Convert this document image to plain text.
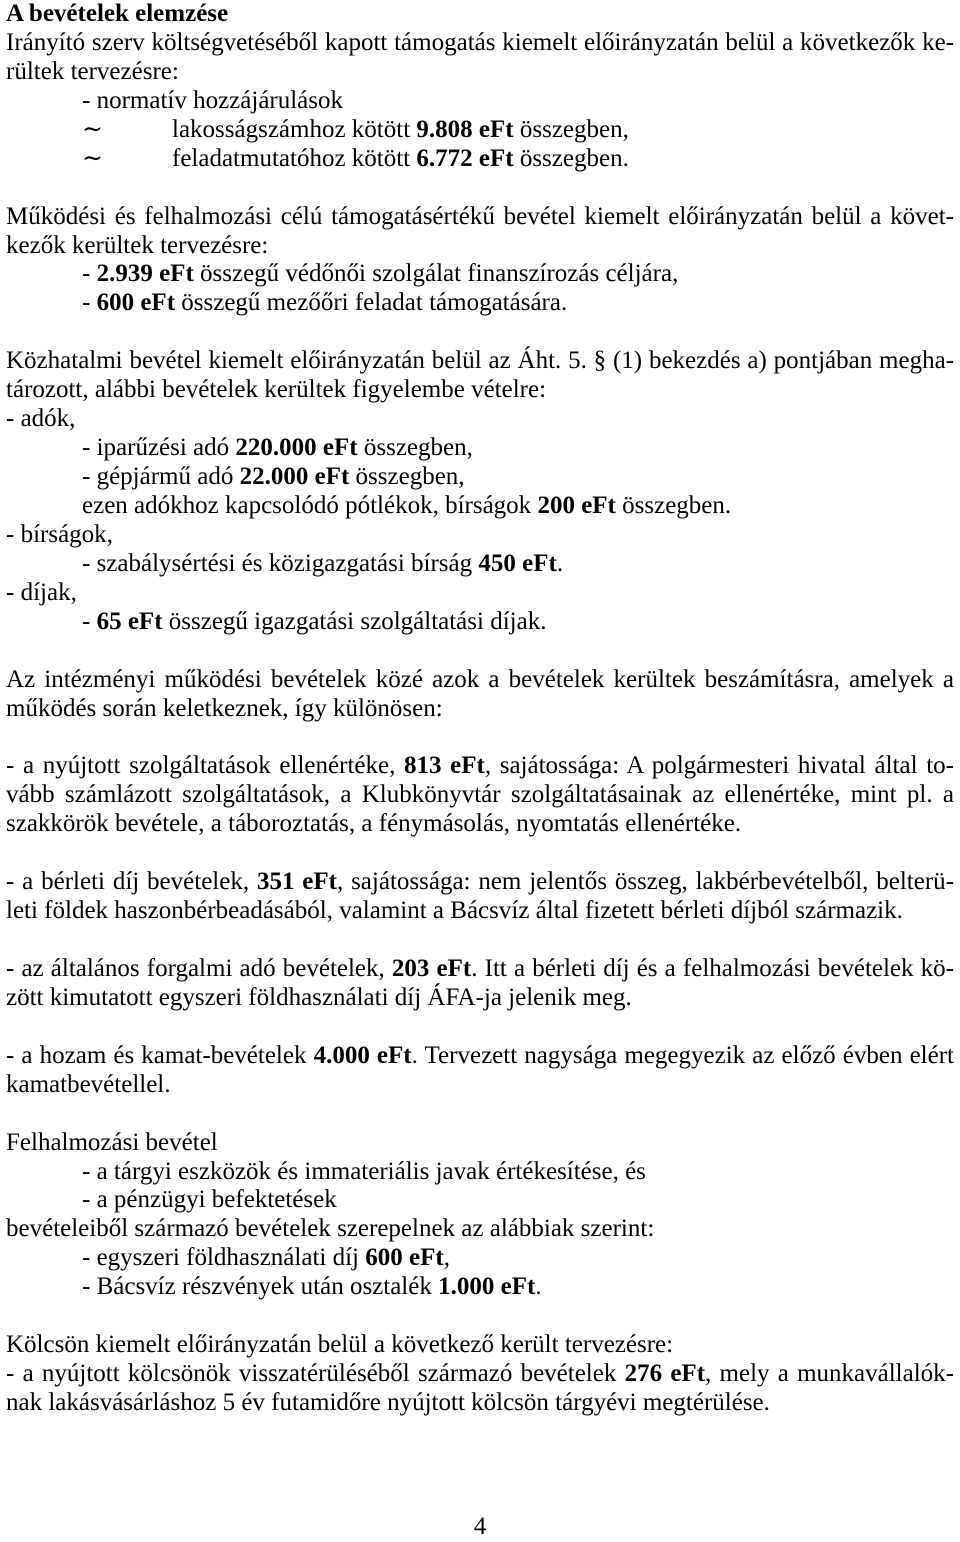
A bevételek elemzése
Irányító szerv költségvetéséből kapott támogatás kiemelt előirányzatán belül a következők ke-
rültek tervezésre:
- normatív hozzájárulások
∼	lakosságszámhoz kötött 9.808 eFt összegben,
∼	feladatmutatóhoz kötött 6.772 eFt összegben.
Működési és felhalmozási célú támogatásértékű bevétel kiemelt előirányzatán belül a követ-
kezők kerültek tervezésre:
- 2.939 eFt összegű védőnői szolgálat finanszírozás céljára,
- 600 eFt összegű mezőőri feladat támogatására.
Közhatalmi bevétel kiemelt előirányzatán belül az Áht. 5. § (1) bekezdés a) pontjában megha-
tározott, alábbi bevételek kerültek figyelembe vételre:
- adók,
- iparűzési adó 220.000 eFt összegben,
- gépjármű adó 22.000 eFt összegben,
ezen adókhoz kapcsolódó pótlékok, bírságok 200 eFt összegben.
- bírságok,
- szabálysértési és közigazgatási bírság 450 eFt.
- díjak,
- 65 eFt összegű igazgatási szolgáltatási díjak.
Az intézményi működési bevételek közé azok a bevételek kerültek beszámításra, amelyek a
működés során keletkeznek, így különösen:
- a nyújtott szolgáltatások ellenértéke, 813 eFt, sajátossága: A polgármesteri hivatal által to-
vább számlázott szolgáltatások, a Klubkönyvtár szolgáltatásainak az ellenértéke, mint pl. a
szakkörök bevétele, a táboroztatás, a fénymásolás, nyomtatás ellenértéke.
- a bérleti díj bevételek, 351 eFt, sajátossága: nem jelentős összeg, lakbérbevételből, belterü-
leti földek haszonbérbeadásából, valamint a Bácsvíz által fizetett bérleti díjból származik.
- az általános forgalmi adó bevételek, 203 eFt. Itt a bérleti díj és a felhalmozási bevételek kö-
zött kimutatott egyszeri földhasználati díj ÁFA-ja jelenik meg.
- a hozam és kamat-bevételek 4.000 eFt. Tervezett nagysága megegyezik az előző évben elért
kamatbevétellel.
Felhalmozási bevétel
- a tárgyi eszközök és immateriális javak értékesítése, és
- a pénzügyi befektetések
bevételeiből származó bevételek szerepelnek az alábbiak szerint:
- egyszeri földhasználati díj 600 eFt,
- Bácsvíz részvények után osztalék 1.000 eFt.
Kölcsön kiemelt előirányzatán belül a következő került tervezésre:
- a nyújtott kölcsönök visszatérüléséből származó bevételek 276 eFt, mely a munkavállalók-
nak lakásvásárláshoz 5 év futamidőre nyújtott kölcsön tárgyévi megtérülése.
4
